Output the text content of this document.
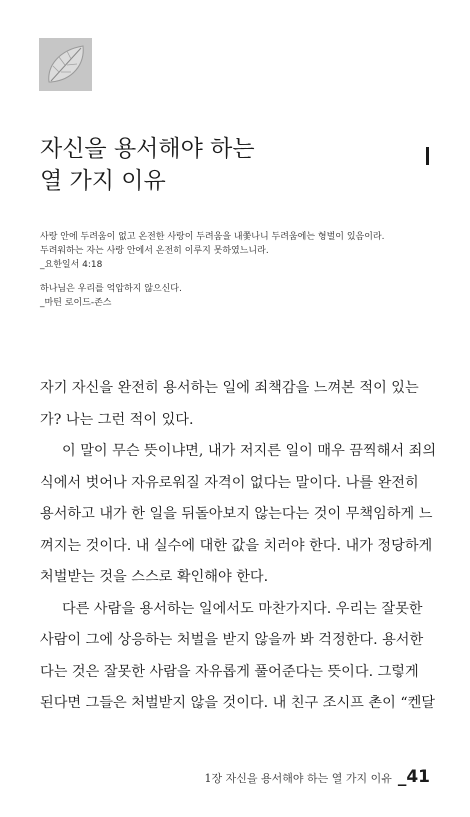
자신을 용서해야 하는
열 가지 이유

사랑 안에 두려움이 없고 온전한 사랑이 두려움을 내쫓나니 두려움에는 형벌이 있음이라.

두려워하는 자는 사랑 안에서 온전히 이루지 못하였느니라.

_요한일서 4:18

하나님은 우리를 억압하지 않으신다.

_마틴 로이드-존스

자기 자신을 완전히 용서하는 일에 죄책감을 느껴본 적이 있는
가? 나는 그런 적이 있다.
이 말이 무슨 뜻이냐면, 내가 저지른 일이 매우 끔찍해서 죄의
식에서 벗어나 자유로워질 자격이 없다는 말이다. 나를 완전히
용서하고 내가 한 일을 뒤돌아보지 않는다는 것이 무책임하게 느
껴지는 것이다. 내 실수에 대한 값을 치러야 한다. 내가 정당하게
처벌받는 것을 스스로 확인해야 한다.
다른 사람을 용서하는 일에서도 마찬가지다. 우리는 잘못한
사람이 그에 상응하는 처벌을 받지 않을까 봐 걱정한다. 용서한
다는 것은 잘못한 사람을 자유롭게 풀어준다는 뜻이다. 그렇게
된다면 그들은 처벌받지 않을 것이다. 내 친구 조시프 촌이 “켄달
1장 자신을 용서해야 하는 열 가지 이유 _41
